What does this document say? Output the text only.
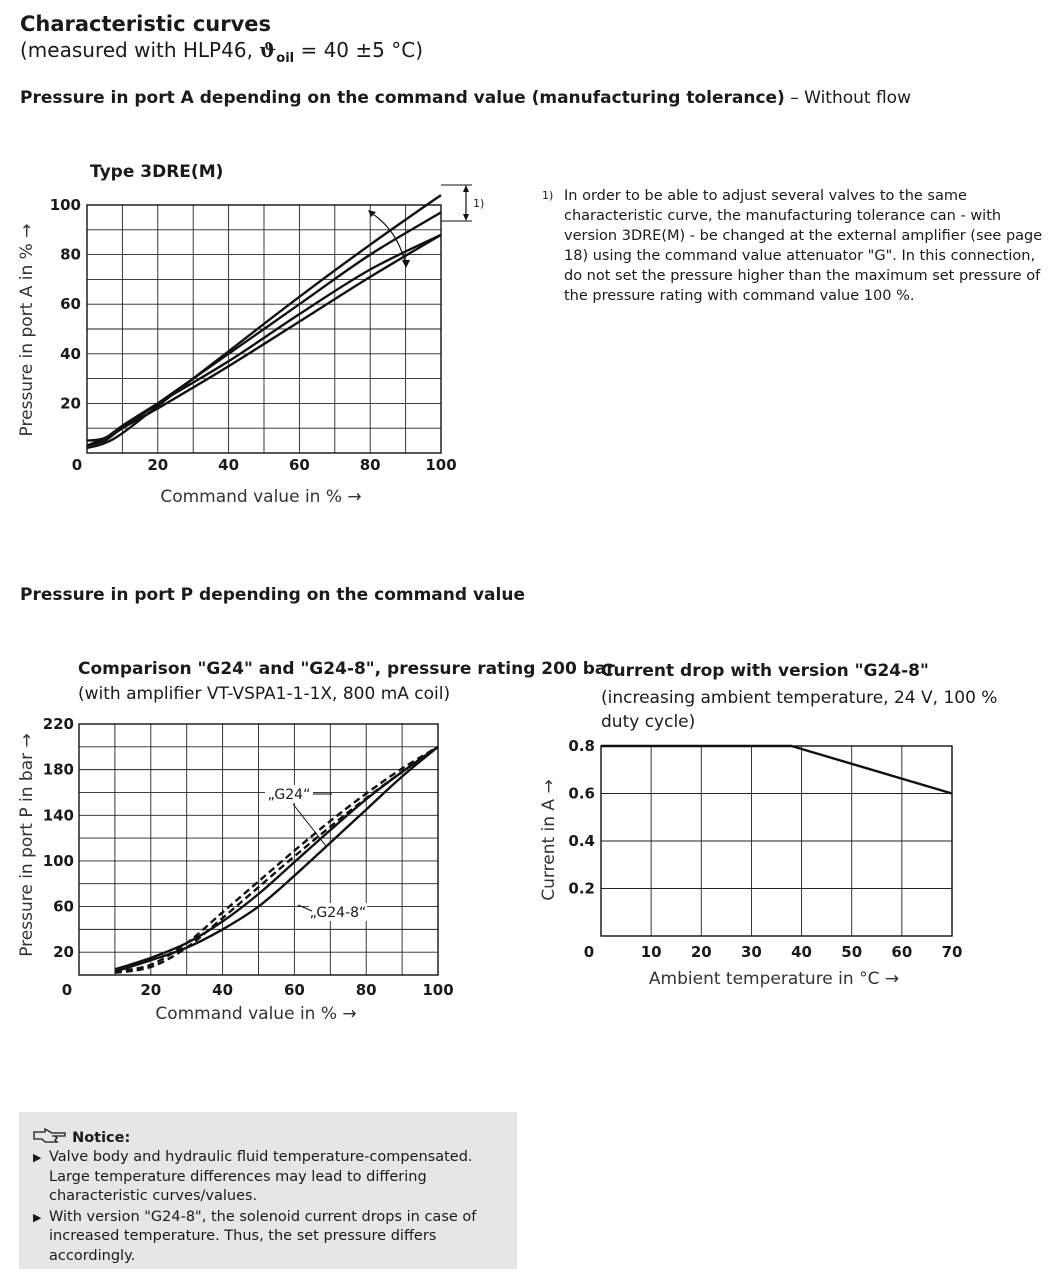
Characteristic curves
(measured with HLP46, $ϑ_{oil} = 40 \pm 5$ °C)
Pressure in port A depending on the command value (manufacturing tolerance) – Without flow
Pressure in port P depending on the command value
Type 3DRE(M)
0	20	40	60	80	100
20
40
60
80
100
Command value in % →
Pressure in port A in % →
1)
1) In order to be able to adjust several valves to the same characteristic curve, the manufacturing tolerance can - with version 3DRE(M) - be changed at the external amplifier (see page 18) using the command value attenuator "G". In this connection, do not set the pressure higher than the maximum set pressure of the pressure rating with command value 100 %.
Comparison "G24" and "G24-8", pressure rating 200 bar
(with amplifier VT-VSPA1-1-1X, 800 mA coil)
0	20	40	60	80	100
20
60
100
140
180
220
Command value in % →
Pressure in port P in bar →	„G24“
„G24-8“
Current drop with version "G24-8"
(increasing ambient temperature, 24 V, 100 % duty cycle)
0	10 20 30 40 50 60 70
0.2
0.4
0.6
0.8
Ambient temperature in °C →
Current in A →
Notice:
▶ Valve body and hydraulic fluid temperature-compensated. Large temperature differences may lead to differing characteristic curves/values.
▶ With version "G24-8", the solenoid current drops in case of increased temperature. Thus, the set pressure differs accordingly.
